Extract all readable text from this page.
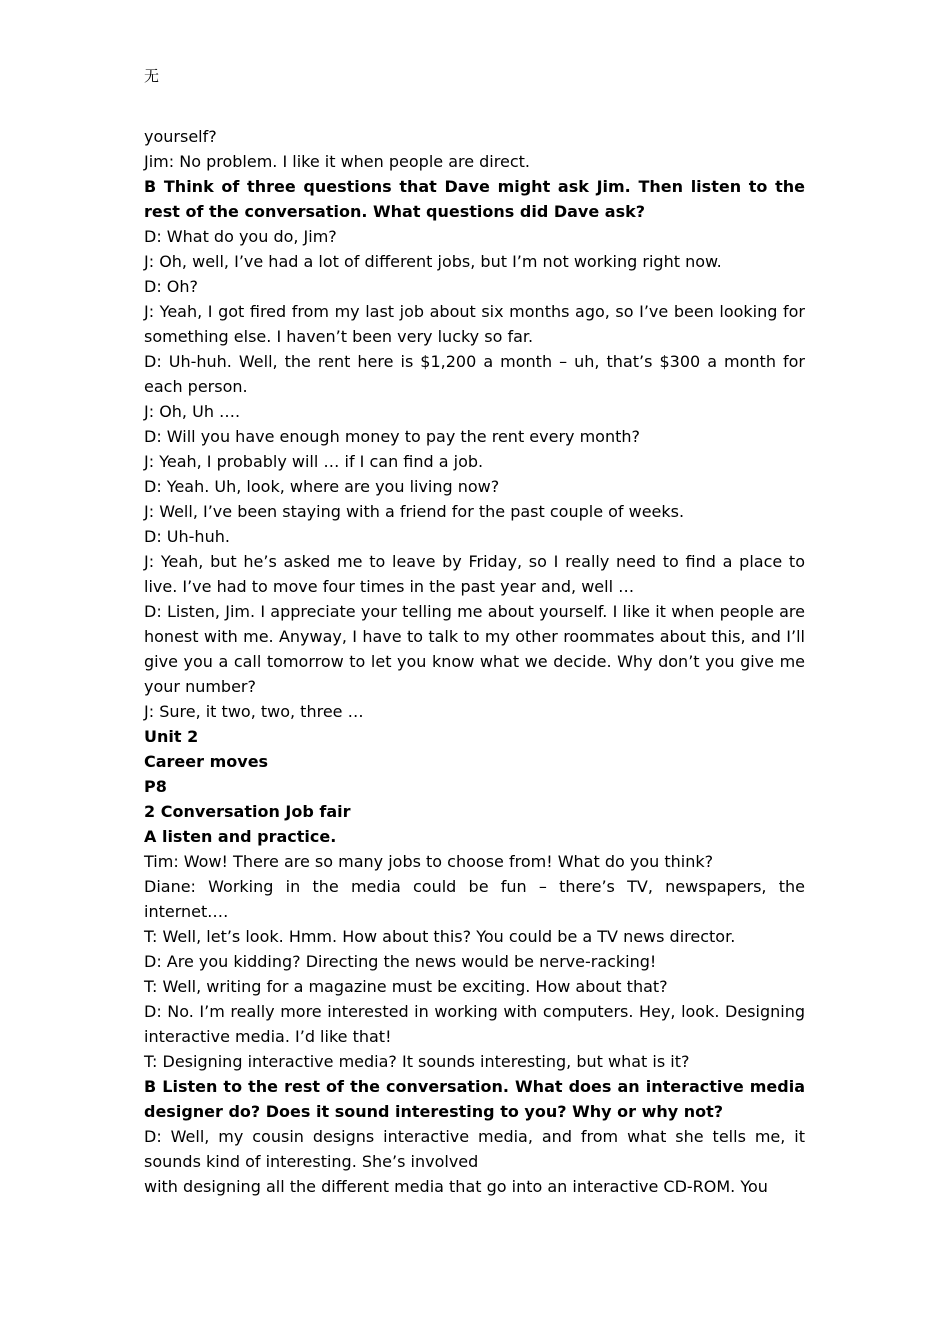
无

yourself?

Jim: No problem. I like it when people are direct.

B Think of three questions that Dave might ask Jim. Then listen to the rest of the conversation. What questions did Dave ask?

D: What do you do, Jim?

J: Oh, well, I’ve had a lot of different jobs, but I’m not working right now.

D: Oh?

J: Yeah, I got fired from my last job about six months ago, so I’ve been looking for something else. I haven’t been very lucky so far.

D: Uh-huh. Well, the rent here is $1,200 a month – uh, that’s $300 a month for each person.

J: Oh, Uh ….

D: Will you have enough money to pay the rent every month?

J: Yeah, I probably will … if I can find a job.

D: Yeah. Uh, look, where are you living now?

J: Well, I’ve been staying with a friend for the past couple of weeks.

D: Uh-huh.

J: Yeah, but he’s asked me to leave by Friday, so I really need to find a place to live. I’ve had to move four times in the past year and, well …

D: Listen, Jim. I appreciate your telling me about yourself. I like it when people are honest with me. Anyway, I have to talk to my other roommates about this, and I’ll give you a call tomorrow to let you know what we decide. Why don’t you give me your number?

J: Sure, it two, two, three …

Unit 2

Career moves

P8

2 Conversation Job fair

A listen and practice.

Tim: Wow! There are so many jobs to choose from! What do you think?

Diane: Working in the media could be fun – there’s TV, newspapers, the internet.…

T: Well, let’s look. Hmm. How about this? You could be a TV news director.

D: Are you kidding? Directing the news would be nerve-racking!

T: Well, writing for a magazine must be exciting. How about that?

D: No. I’m really more interested in working with computers. Hey, look. Designing interactive media. I’d like that!

T: Designing interactive media? It sounds interesting, but what is it?

B Listen to the rest of the conversation. What does an interactive media designer do? Does it sound interesting to you? Why or why not?

D: Well, my cousin designs interactive media, and from what she tells me, it sounds kind of interesting. She’s involved

with designing all the different media that go into an interactive CD-ROM. You
